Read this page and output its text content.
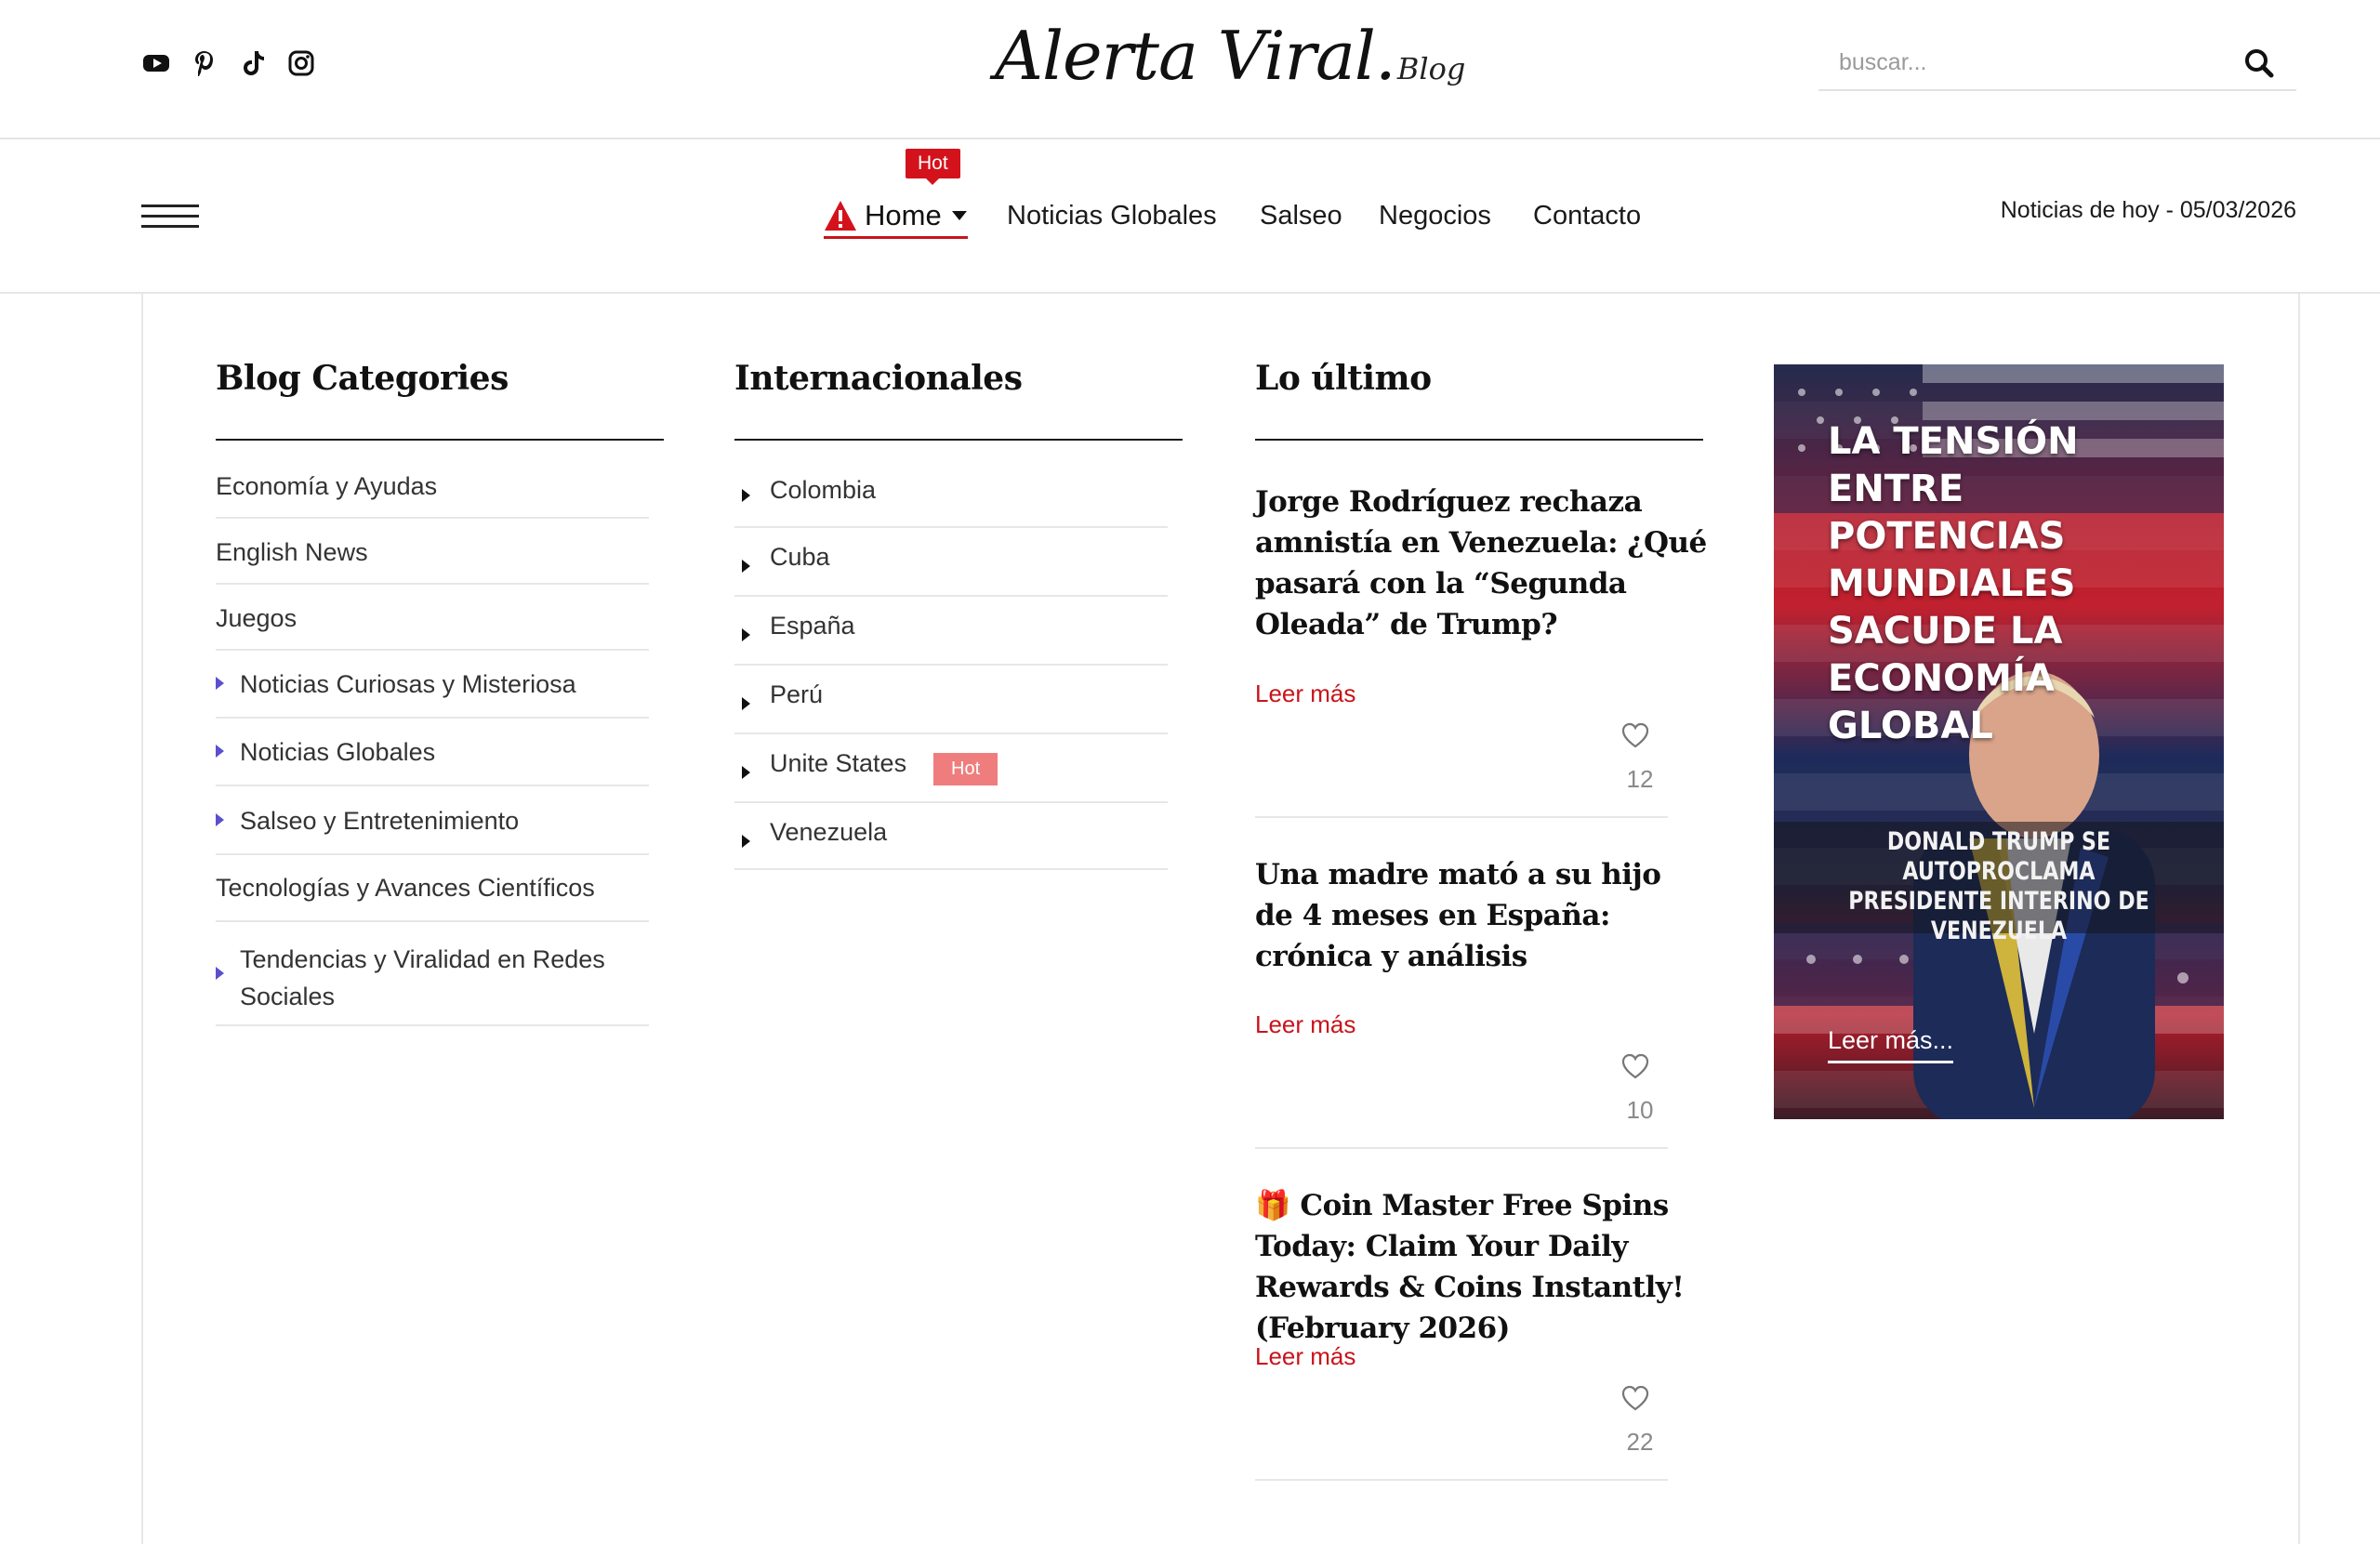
Alerta Viral.Blog
buscar...
Home Noticias Globales Salseo Negocios Contacto
Hot
Noticias de hoy - 05/03/2026
Blog Categories
Economía y Ayudas
English News
Juegos
Noticias Curiosas y Misteriosa
Noticias Globales
Salseo y Entretenimiento
Tecnologías y Avances Científicos
Tendencias y Viralidad en Redes Sociales
Internacionales
Colombia
Cuba
España
Perú
Unite States	Hot
Venezuela
Lo último
Jorge Rodríguez rechaza amnistía en Venezuela: ¿Qué pasará con la “Segunda Oleada” de Trump?
Leer más
12
Una madre mató a su hijo de 4 meses en España: crónica y análisis
Leer más
10
🎁 Coin Master Free Spins Today: Claim Your Daily Rewards & Coins Instantly! (February 2026)
Leer más
22
LA TENSIÓN ENTRE POTENCIAS MUNDIALES SACUDE LA ECONOMÍA GLOBAL
DONALD TRUMP SE AUTOPROCLAMA PRESIDENTE INTERINO DE VENEZUELA
Leer más...
